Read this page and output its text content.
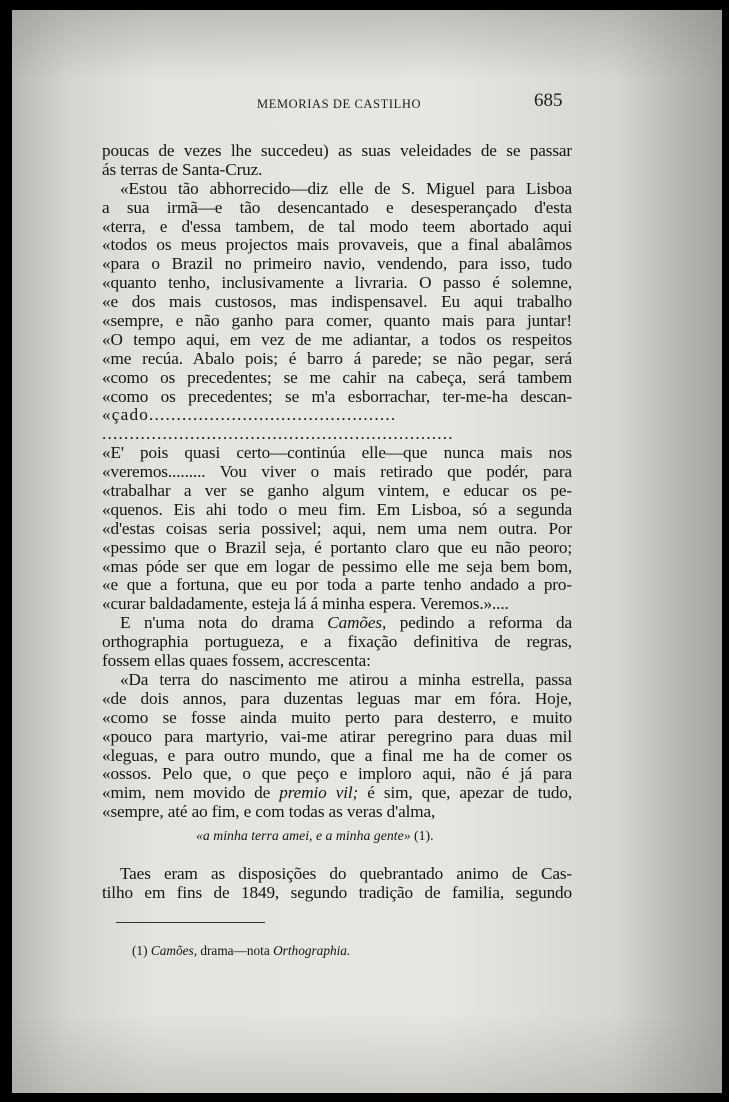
MEMORIAS DE CASTILHO	685
poucas de vezes lhe succedeu) as suas veleidades de se passar
ás terras de Santa-Cruz.
«Estou tão abhorrecido—diz elle de S. Miguel para Lisboa
a sua irmã—e tão desencantado e desesperançado d'esta
«terra, e d'essa tambem, de tal modo teem abortado aqui
«todos os meus projectos mais provaveis, que a final abalâmos
«para o Brazil no primeiro navio, vendendo, para isso, tudo
«quanto tenho, inclusivamente a livraria. O passo é solemne,
«e dos mais custosos, mas indispensavel. Eu aqui trabalho
«sempre, e não ganho para comer, quanto mais para juntar!
«O tempo aqui, em vez de me adiantar, a todos os respeitos
«me recúa. Abalo pois; é barro á parede; se não pegar, será
«como os precedentes; se me cahir na cabeça, será tambem
«como os precedentes; se m'a esborrachar, ter-me-ha descan-
«çado.............................................
................................................................
«E' pois quasi certo—continúa elle—que nunca mais nos
«veremos......... Vou viver o mais retirado que podér, para
«trabalhar a ver se ganho algum vintem, e educar os pe-
«quenos. Eis ahi todo o meu fim. Em Lisboa, só a segunda
«d'estas coisas seria possivel; aqui, nem uma nem outra. Por
«pessimo que o Brazil seja, é portanto claro que eu não peoro;
«mas póde ser que em logar de pessimo elle me seja bem bom,
«e que a fortuna, que eu por toda a parte tenho andado a pro-
«curar baldadamente, esteja lá á minha espera. Veremos.»....
E n'uma nota do drama Camões, pedindo a reforma da
orthographia portugueza, e a fixação definitiva de regras,
fossem ellas quaes fossem, accrescenta:
«Da terra do nascimento me atirou a minha estrella, passa
«de dois annos, para duzentas leguas mar em fóra. Hoje,
«como se fosse ainda muito perto para desterro, e muito
«pouco para martyrio, vai-me atirar peregrino para duas mil
«leguas, e para outro mundo, que a final me ha de comer os
«ossos. Pelo que, o que peço e imploro aqui, não é já para
«mim, nem movido de premio vil; é sim, que, apezar de tudo,
«sempre, até ao fim, e com todas as veras d'alma,
«a minha terra amei, e a minha gente» (1).
Taes eram as disposições do quebrantado animo de Cas-
tilho em fins de 1849, segundo tradição de familia, segundo
(1) Camões, drama—nota Orthographia.
